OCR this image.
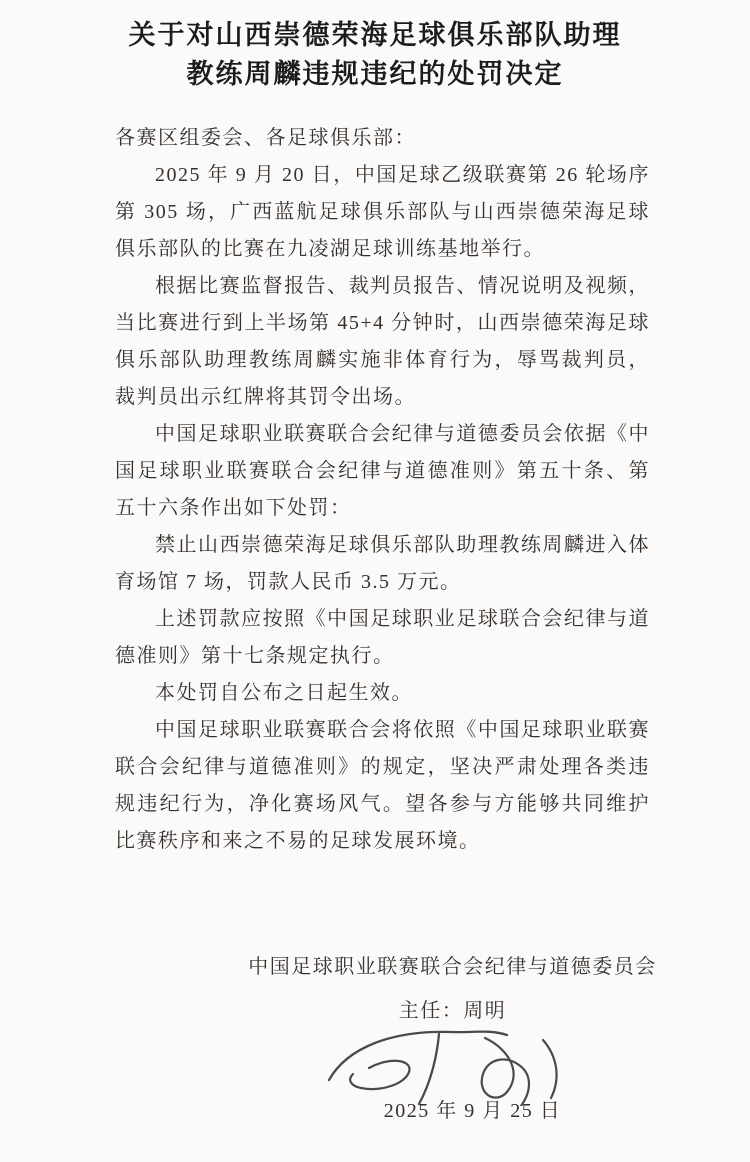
关于对山西崇德荣海足球俱乐部队助理
教练周麟违规违纪的处罚决定

各赛区组委会、各足球俱乐部：

2025 年 9 月 20 日，中国足球乙级联赛第 26 轮场序第 305 场，广西蓝航足球俱乐部队与山西崇德荣海足球俱乐部队的比赛在九凌湖足球训练基地举行。

根据比赛监督报告、裁判员报告、情况说明及视频，当比赛进行到上半场第 45+4 分钟时，山西崇德荣海足球俱乐部队助理教练周麟实施非体育行为，辱骂裁判员，裁判员出示红牌将其罚令出场。

中国足球职业联赛联合会纪律与道德委员会依据《中国足球职业联赛联合会纪律与道德准则》第五十条、第五十六条作出如下处罚：

禁止山西崇德荣海足球俱乐部队助理教练周麟进入体育场馆 7 场，罚款人民币 3.5 万元。

上述罚款应按照《中国足球职业足球联合会纪律与道德准则》第十七条规定执行。

本处罚自公布之日起生效。

中国足球职业联赛联合会将依照《中国足球职业联赛联合会纪律与道德准则》的规定，坚决严肃处理各类违规违纪行为，净化赛场风气。望各参与方能够共同维护比赛秩序和来之不易的足球发展环境。

中国足球职业联赛联合会纪律与道德委员会
主任：周明
2025 年 9 月 25 日
